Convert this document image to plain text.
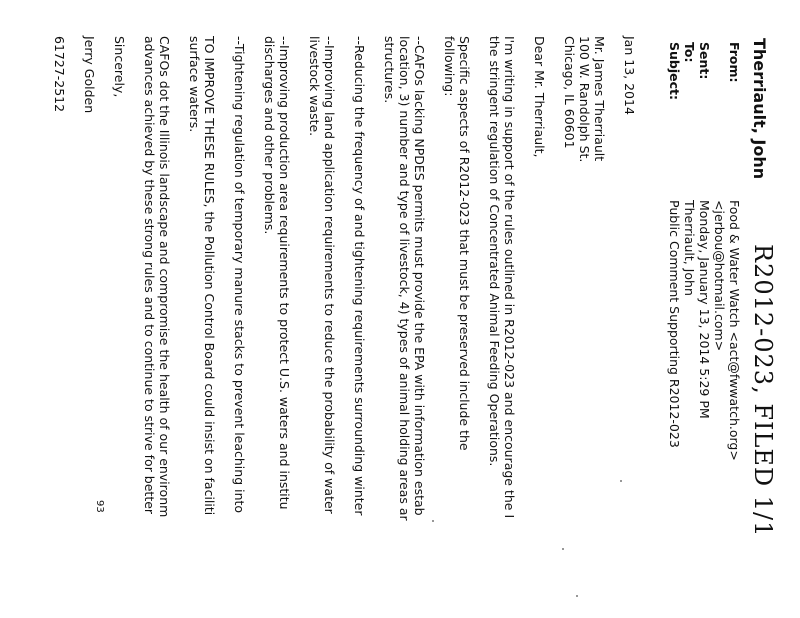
R2012-023, FILED 1/1
Therriault, John
From:
Food & Water Watch <act@fwwatch.org>
<jerbou@hotmail.com>
Sent:
Monday, January 13, 2014 5:29 PM
To:
Therriault, John
Subject:
Public Comment Supporting R2012-023
Jan 13, 2014
Mr. James Therriault
100 W. Randolph St.
Chicago, IL 60601
Dear Mr. Therriault,
I'm writing in support of the rules outlined in R2012-023 and encourage the I
the stringent regulation of Concentrated Animal Feeding Operations.
Specific aspects of R2012-023 that must be preserved include the
following:
--CAFOs lacking NPDES permits must provide the EPA with information estab
location, 3) number and type of livestock, 4) types of animal holding areas ar
structures.
--Reducing the frequency of and tightening requirements surrounding winter
--Improving land application requirements to reduce the probability of water
livestock waste.
--Improving production area requirements to protect U.S. waters and institu
discharges and other problems.
--Tightening regulation of temporary manure stacks to prevent leaching into
TO IMPROVE THESE RULES, the Pollution Control Board could insist on faciliti
surface waters.
CAFOs dot the Illinois landscape and compromise the health of our environm
advances achieved by these strong rules and to continue to strive for better
Sincerely,
Jerry Golden
61727-2512
93
